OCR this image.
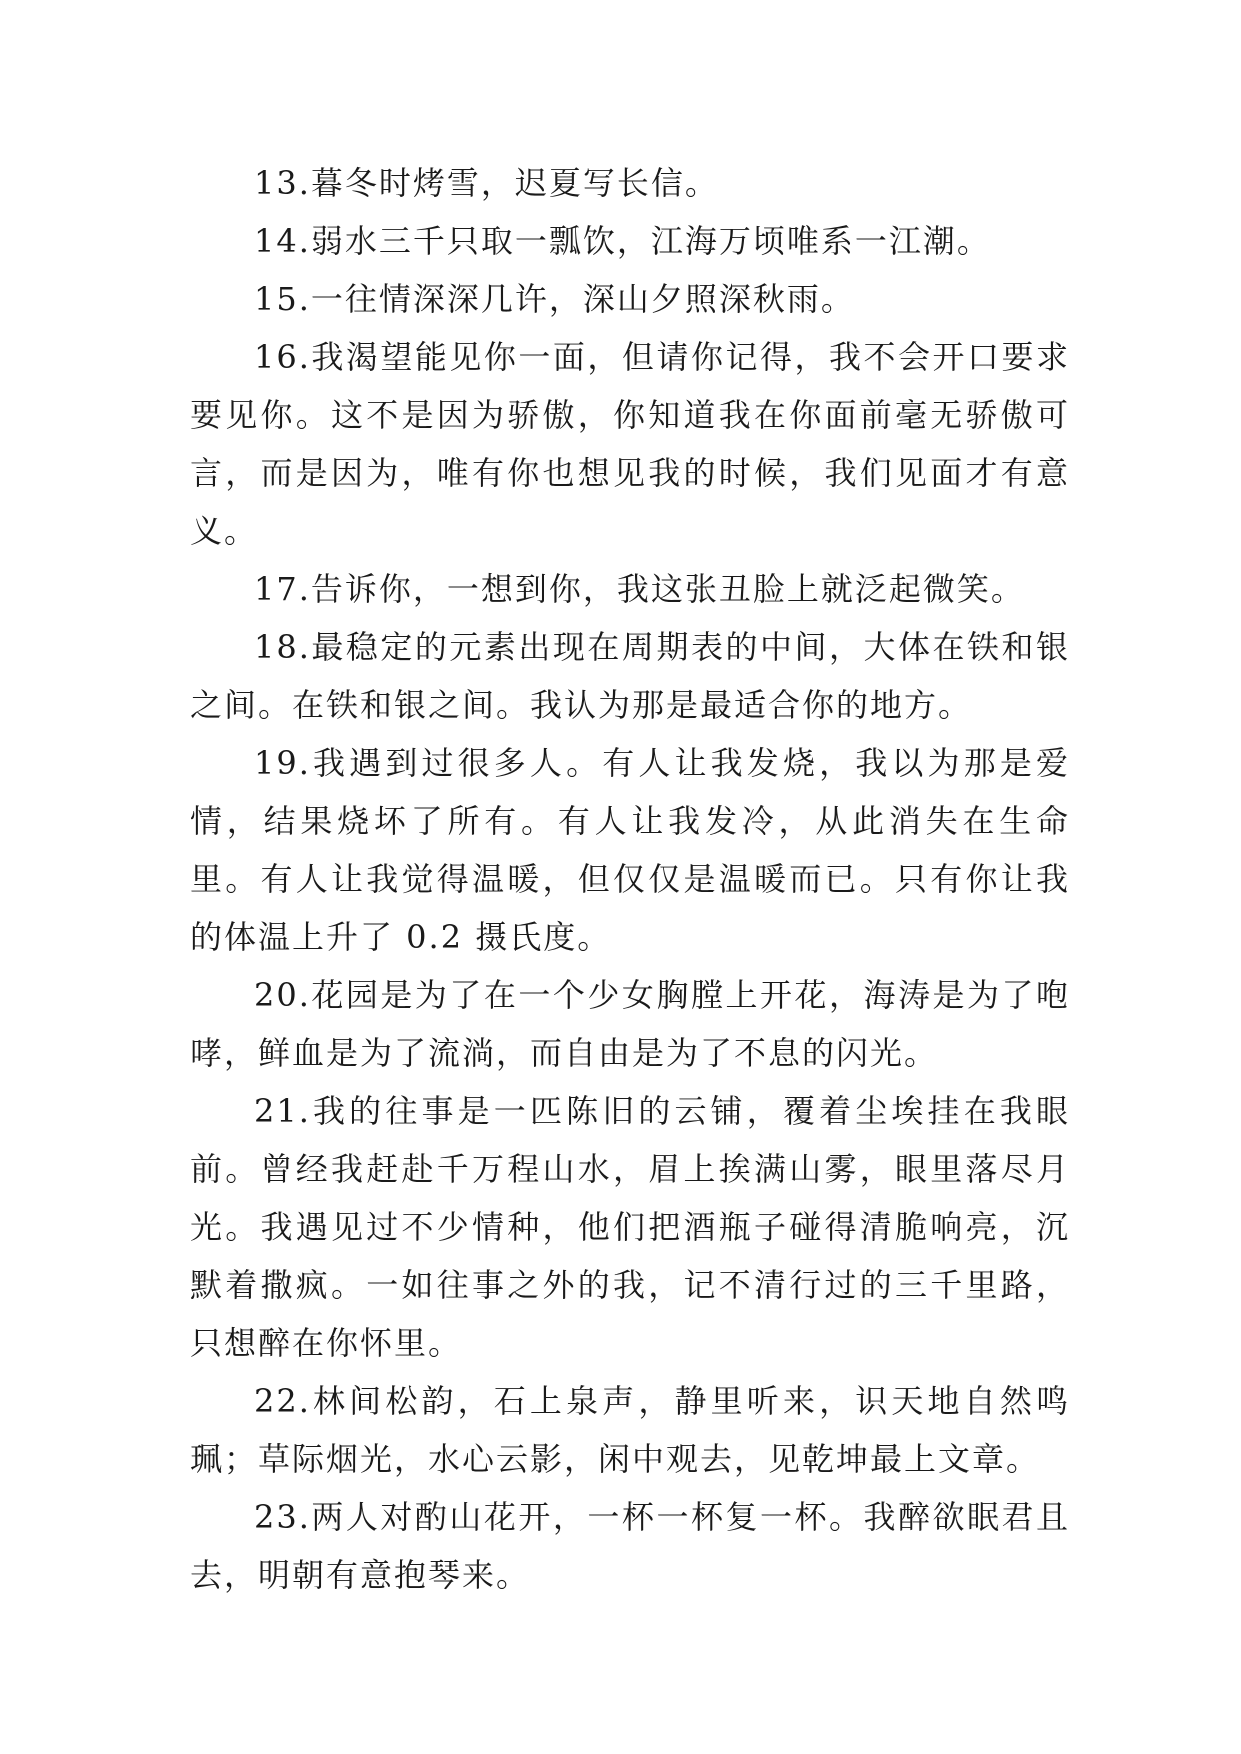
13.暮冬时烤雪，迟夏写长信。

14.弱水三千只取一瓢饮，江海万顷唯系一江潮。

15.一往情深深几许，深山夕照深秋雨。

16.我渴望能见你一面，但请你记得，我不会开口要求要见你。这不是因为骄傲，你知道我在你面前毫无骄傲可言，而是因为，唯有你也想见我的时候，我们见面才有意义。

17.告诉你，一想到你，我这张丑脸上就泛起微笑。

18.最稳定的元素出现在周期表的中间，大体在铁和银之间。在铁和银之间。我认为那是最适合你的地方。

19.我遇到过很多人。有人让我发烧，我以为那是爱情，结果烧坏了所有。有人让我发冷，从此消失在生命里。有人让我觉得温暖，但仅仅是温暖而已。只有你让我的体温上升了 0.2 摄氏度。

20.花园是为了在一个少女胸膛上开花，海涛是为了咆哮，鲜血是为了流淌，而自由是为了不息的闪光。

21.我的往事是一匹陈旧的云铺，覆着尘埃挂在我眼前。曾经我赶赴千万程山水，眉上挨满山雾，眼里落尽月光。我遇见过不少情种，他们把酒瓶子碰得清脆响亮，沉默着撒疯。一如往事之外的我，记不清行过的三千里路，只想醉在你怀里。

22.林间松韵，石上泉声，静里听来，识天地自然鸣珮；草际烟光，水心云影，闲中观去，见乾坤最上文章。

23.两人对酌山花开，一杯一杯复一杯。我醉欲眠君且去，明朝有意抱琴来。
